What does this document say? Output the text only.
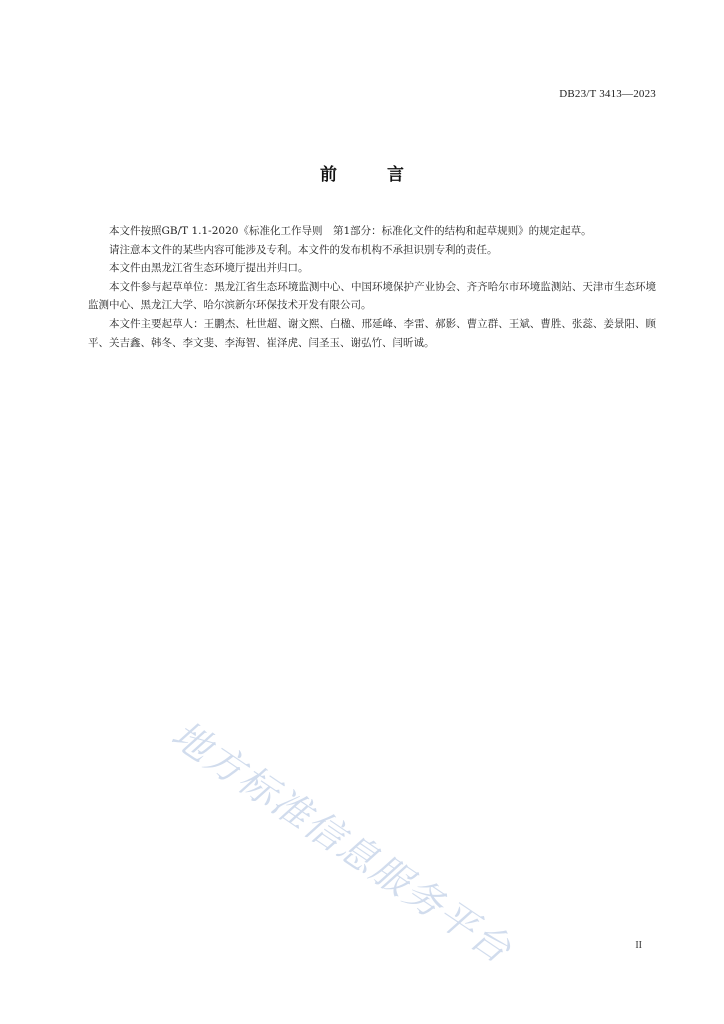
DB23/T 3413—2023
前 言

本文件按照GB/T 1.1-2020《标准化工作导则　第1部分：标准化文件的结构和起草规则》的规定起草。

请注意本文件的某些内容可能涉及专利。本文件的发布机构不承担识别专利的责任。

本文件由黑龙江省生态环境厅提出并归口。

本文件参与起草单位：黑龙江省生态环境监测中心、中国环境保护产业协会、齐齐哈尔市环境监测站、天津市生态环境监测中心、黑龙江大学、哈尔滨新尔环保技术开发有限公司。

本文件主要起草人：王鹏杰、杜世超、谢文熙、白楹、邢延峰、李雷、郝影、曹立群、王斌、曹胜、张蕊、姜景阳、顾平、关吉鑫、韩冬、李文斐、李海智、崔泽虎、闫圣玉、谢弘竹、闫昕诚。

地方标准信息服务平台	II
